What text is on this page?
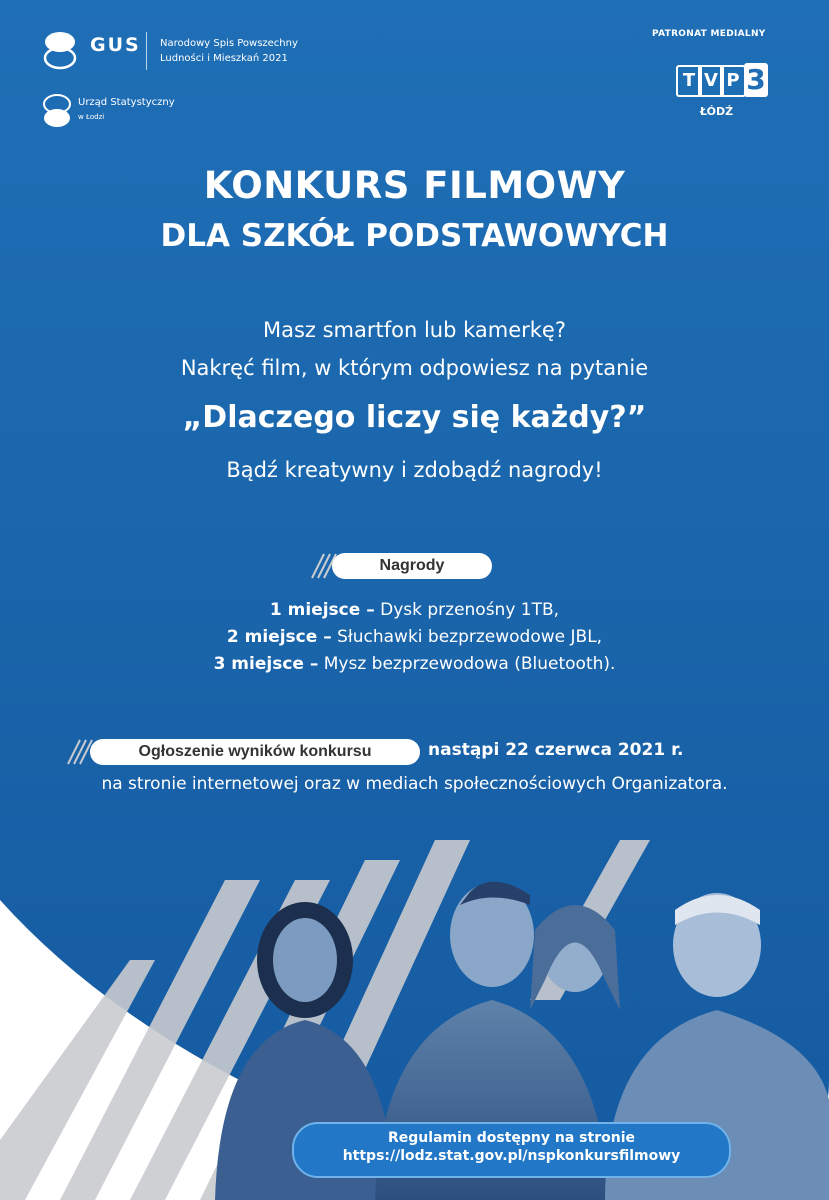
GUS Narodowy Spis Powszechny
Ludności i Mieszkań 2021
Urząd Statystyczny
w Łodzi
PATRONAT MEDIALNY
T V P 3
ŁÓDŹ
KONKURS FILMOWY
DLA SZKÓŁ PODSTAWOWYCH
Masz smartfon lub kamerkę?
Nakręć film, w którym odpowiesz na pytanie
„Dlaczego liczy się każdy?”
Bądź kreatywny i zdobądź nagrody!
Nagrody
1 miejsce – Dysk przenośny 1TB,
2 miejsce – Słuchawki bezprzewodowe JBL,
3 miejsce – Mysz bezprzewodowa (Bluetooth).
Ogłoszenie wyników konkursu	nastąpi 22 czerwca 2021 r.
na stronie internetowej oraz w mediach społecznościowych Organizatora.
Regulamin dostępny na stronie
https://lodz.stat.gov.pl/nspkonkursfilmowy
